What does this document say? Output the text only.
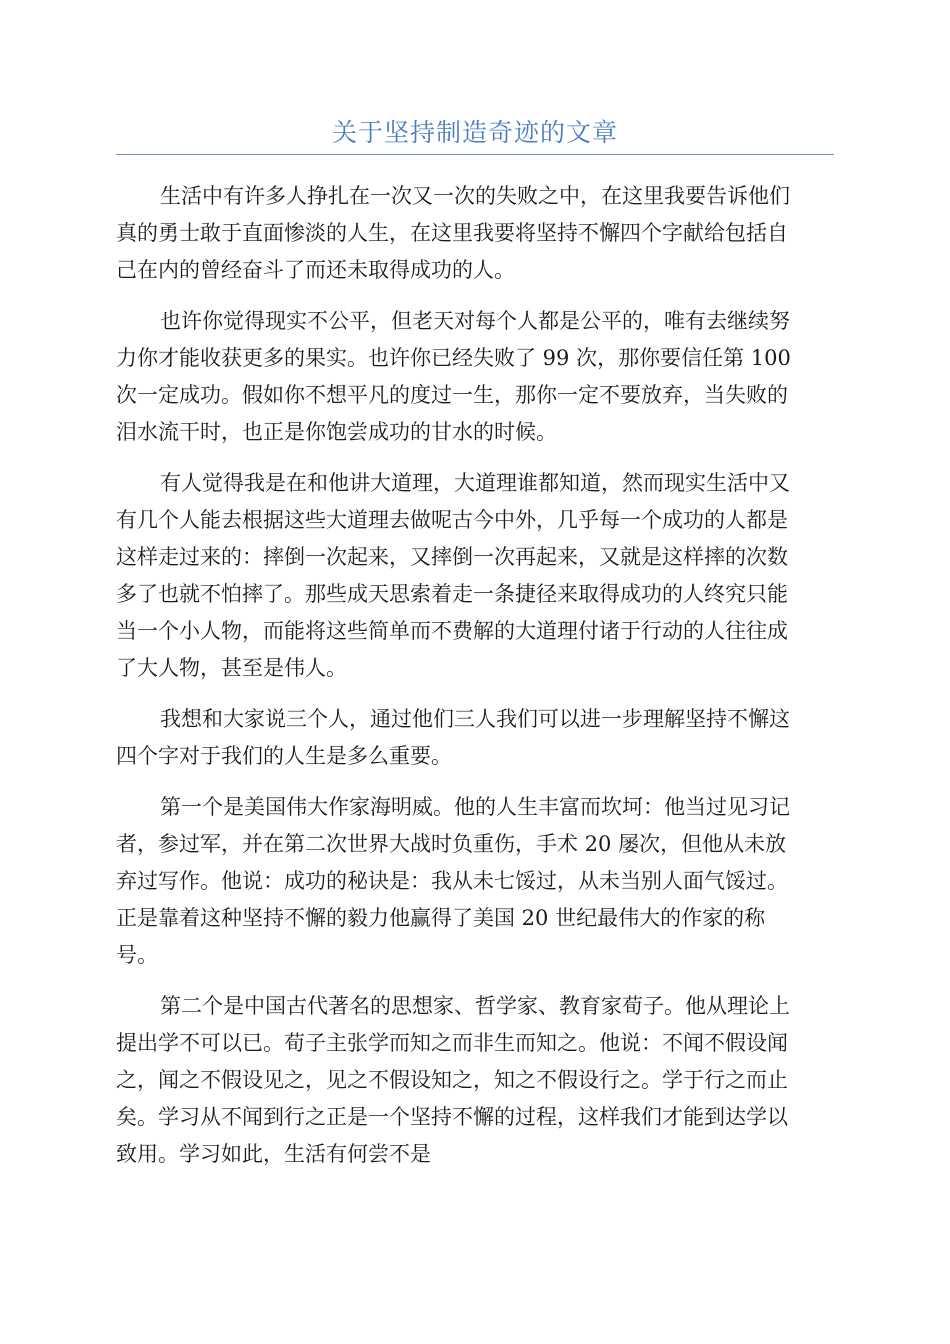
关于坚持制造奇迹的文章
生活中有许多人挣扎在一次又一次的失败之中，在这里我要告诉他们
真的勇士敢于直面惨淡的人生，在这里我要将坚持不懈四个字献给包括自
己在内的曾经奋斗了而还未取得成功的人。
也许你觉得现实不公平，但老天对每个人都是公平的，唯有去继续努
力你才能收获更多的果实。也许你已经失败了 99 次，那你要信任第 100
次一定成功。假如你不想平凡的度过一生，那你一定不要放弃，当失败的
泪水流干时，也正是你饱尝成功的甘水的时候。
有人觉得我是在和他讲大道理，大道理谁都知道，然而现实生活中又
有几个人能去根据这些大道理去做呢古今中外，几乎每一个成功的人都是
这样走过来的：摔倒一次起来，又摔倒一次再起来，又就是这样摔的次数
多了也就不怕摔了。那些成天思索着走一条捷径来取得成功的人终究只能
当一个小人物，而能将这些简单而不费解的大道理付诸于行动的人往往成
了大人物，甚至是伟人。
我想和大家说三个人，通过他们三人我们可以进一步理解坚持不懈这
四个字对于我们的人生是多么重要。
第一个是美国伟大作家海明威。他的人生丰富而坎坷：他当过见习记
者，参过军，并在第二次世界大战时负重伤，手术 20 屡次，但他从未放
弃过写作。他说：成功的秘诀是：我从未七馁过，从未当别人面气馁过。
正是靠着这种坚持不懈的毅力他赢得了美国 20 世纪最伟大的作家的称
号。
第二个是中国古代著名的思想家、哲学家、教育家荀子。他从理论上
提出学不可以已。荀子主张学而知之而非生而知之。他说：不闻不假设闻
之，闻之不假设见之，见之不假设知之，知之不假设行之。学于行之而止
矣。学习从不闻到行之正是一个坚持不懈的过程，这样我们才能到达学以
致用。学习如此，生活有何尝不是
